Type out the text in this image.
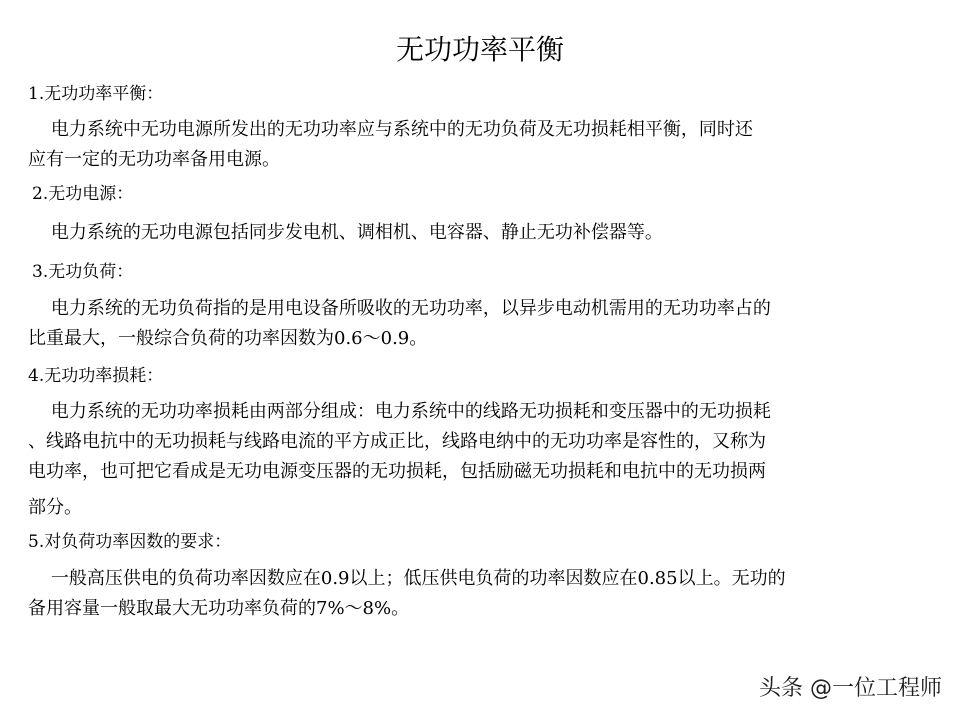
无功功率平衡
1.无功功率平衡：
电力系统中无功电源所发出的无功功率应与系统中的无功负荷及无功损耗相平衡，同时还
应有一定的无功功率备用电源。
2.无功电源：
电力系统的无功电源包括同步发电机、调相机、电容器、静止无功补偿器等。
3.无功负荷：
电力系统的无功负荷指的是用电设备所吸收的无功功率，以异步电动机需用的无功功率占的
比重最大，一般综合负荷的功率因数为0.6～0.9。
4.无功功率损耗：
电力系统的无功功率损耗由两部分组成：电力系统中的线路无功损耗和变压器中的无功损耗
、线路电抗中的无功损耗与线路电流的平方成正比，线路电纳中的无功功率是容性的，又称为
电功率，也可把它看成是无功电源变压器的无功损耗，包括励磁无功损耗和电抗中的无功损两
部分。
5.对负荷功率因数的要求：
一般高压供电的负荷功率因数应在0.9以上；低压供电负荷的功率因数应在0.85以上。无功的
备用容量一般取最大无功功率负荷的7%～8%。
头条 @一位工程师
